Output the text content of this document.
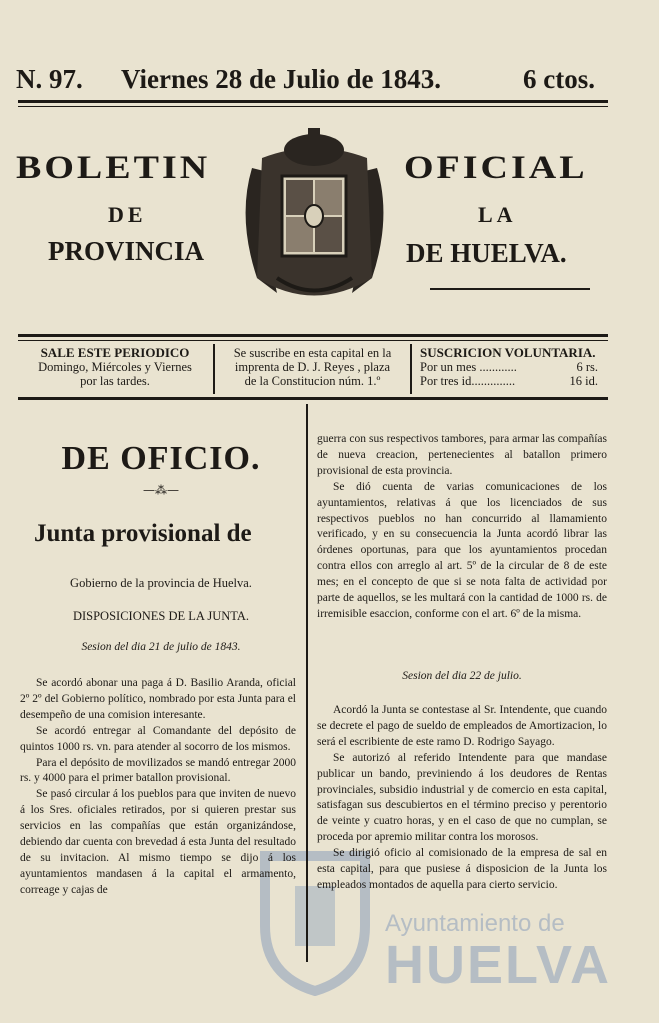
Ayuntamiento de
HUELVA
N. 97. Viernes 28 de Julio de 1843.	6 ctos.
BOLETIN	OFICIAL
DE	LA
PROVINCIA	DE HUELVA.
SALE ESTE PERIODICO
Domingo, Miércoles y Viernes
por las tardes.
Se suscribe en esta capital en la
imprenta de D. J. Reyes , plaza
de la Constitucion núm. 1.º
SUSCRICION VOLUNTARIA.
Por un mes ............	6 rs.
Por tres id..............	16 id.
DE OFICIO.
—⁂—
Junta provisional de
Gobierno de la provincia de Huelva.
DISPOSICIONES DE LA JUNTA.
Sesion del dia 21 de julio de 1843.

Se acordó abonar una paga á D. Basilio Aranda, oficial 2º 2º del Gobierno político, nombrado por esta Junta para el desempeño de una comision interesante.

Se acordó entregar al Comandante del depósito de quintos 1000 rs. vn. para atender al socorro de los mismos.

Para el depósito de movilizados se mandó entregar 2000 rs. y 4000 para el primer batallon provisional.

Se pasó circular á los pueblos para que inviten de nuevo á los Sres. oficiales retirados, por si quieren prestar sus servicios en las compañías que están organizándose, debiendo dar cuenta con brevedad á esta Junta del resultado de su invitacion. Al mismo tiempo se dijo á los ayuntamientos mandasen á la capital el armamento, correage y cajas de

guerra con sus respectivos tambores, para armar las compañías de nueva creacion, pertenecientes al batallon primero provisional de esta provincia.

Se dió cuenta de varias comunicaciones de los ayuntamientos, relativas á que los licenciados de sus respectivos pueblos no han concurrido al llamamiento verificado, y en su consecuencia la Junta acordó librar las órdenes oportunas, para que los ayuntamientos procedan contra ellos con arreglo al art. 5º de la circular de 8 de este mes; en el concepto de que si se nota falta de actividad por parte de aquellos, se les multará con la cantidad de 1000 rs. de irremisible esaccion, conforme con el art. 6º de la misma.

Sesion del dia 22 de julio.

Acordó la Junta se contestase al Sr. Intendente, que cuando se decrete el pago de sueldo de empleados de Amortizacion, lo será el escribiente de este ramo D. Rodrigo Sayago.

Se autorizó al referido Intendente para que mandase publicar un bando, previniendo á los deudores de Rentas provinciales, subsidio industrial y de comercio en esta capital, satisfagan sus descubiertos en el término preciso y perentorio de veinte y cuatro horas, y en el caso de que no cumplan, se proceda por apremio militar contra los morosos.

Se dirigió oficio al comisionado de la empresa de sal en esta capital, para que pusiese á disposicion de la Junta los empleados montados de aquella para cierto servicio.
